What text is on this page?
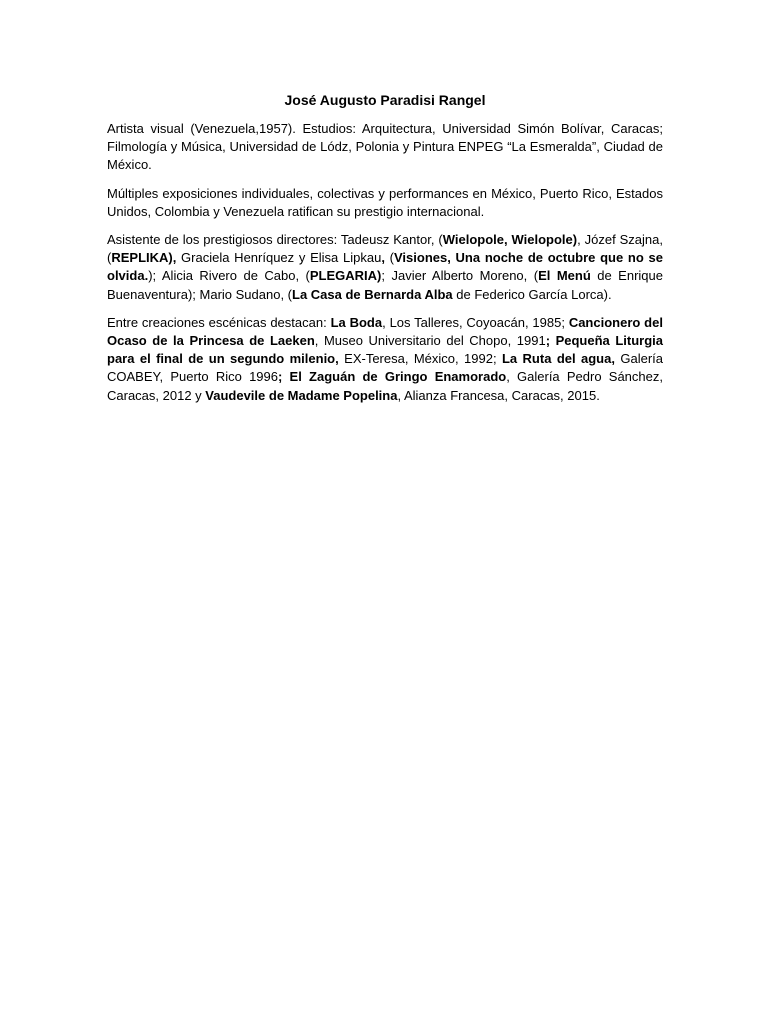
José Augusto Paradisi Rangel

Artista visual (Venezuela,1957). Estudios: Arquitectura, Universidad Simón Bolívar, Caracas; Filmología y Música, Universidad de Lódz, Polonia y Pintura ENPEG “La Esmeralda”, Ciudad de México.

Múltiples exposiciones individuales, colectivas y performances en México, Puerto Rico, Estados Unidos, Colombia y Venezuela ratifican su prestigio internacional.

Asistente de los prestigiosos directores: Tadeusz Kantor, (Wielopole, Wielopole), Józef Szajna, (REPLIKA), Graciela Henríquez y Elisa Lipkau, (Visiones, Una noche de octubre que no se olvida.); Alicia Rivero de Cabo, (PLEGARIA); Javier Alberto Moreno, (El Menú de Enrique Buenaventura); Mario Sudano, (La Casa de Bernarda Alba de Federico García Lorca).

Entre creaciones escénicas destacan: La Boda, Los Talleres, Coyoacán, 1985; Cancionero del Ocaso de la Princesa de Laeken, Museo Universitario del Chopo, 1991; Pequeña Liturgia para el final de un segundo milenio, EX-Teresa, México, 1992; La Ruta del agua, Galería COABEY, Puerto Rico 1996; El Zaguán de Gringo Enamorado, Galería Pedro Sánchez, Caracas, 2012 y Vaudevile de Madame Popelina, Alianza Francesa, Caracas, 2015.
